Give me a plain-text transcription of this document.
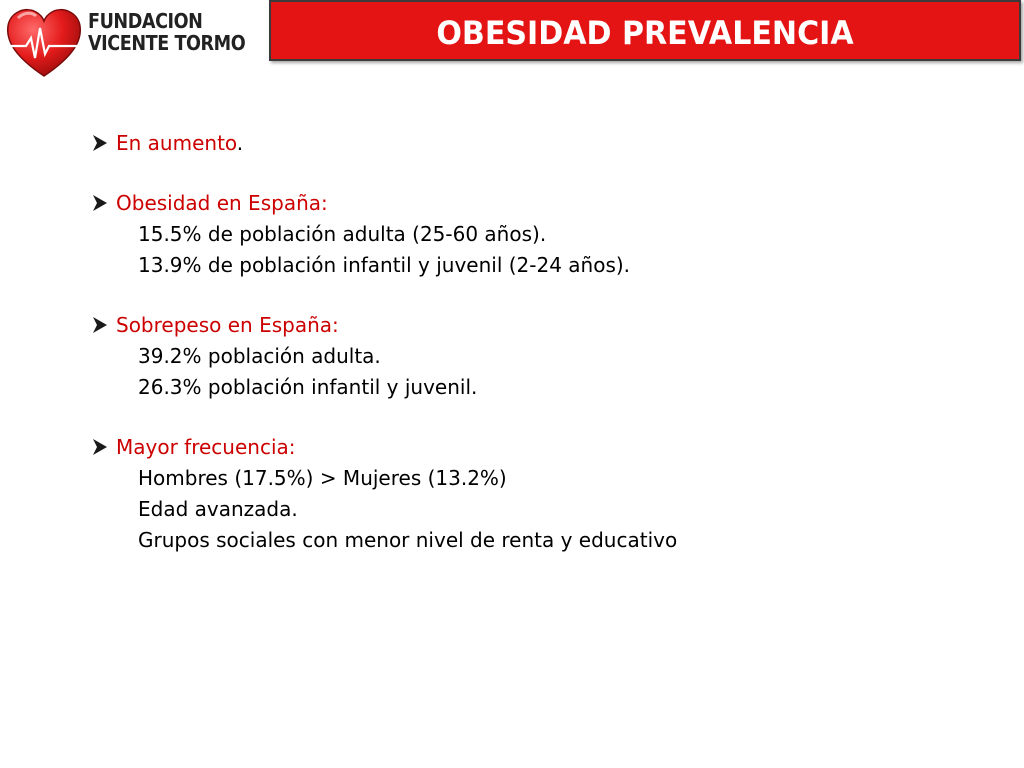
FUNDACION
VICENTE TORMO	OBESIDAD PREVALENCIA
En aumento.
Obesidad en España:
15.5% de población adulta (25-60 años).
13.9% de población infantil y juvenil (2-24 años).
Sobrepeso en España:
39.2% población adulta.
26.3% población infantil y juvenil.
Mayor frecuencia:
Hombres (17.5%) > Mujeres (13.2%)
Edad avanzada.
Grupos sociales con menor nivel de renta y educativo
